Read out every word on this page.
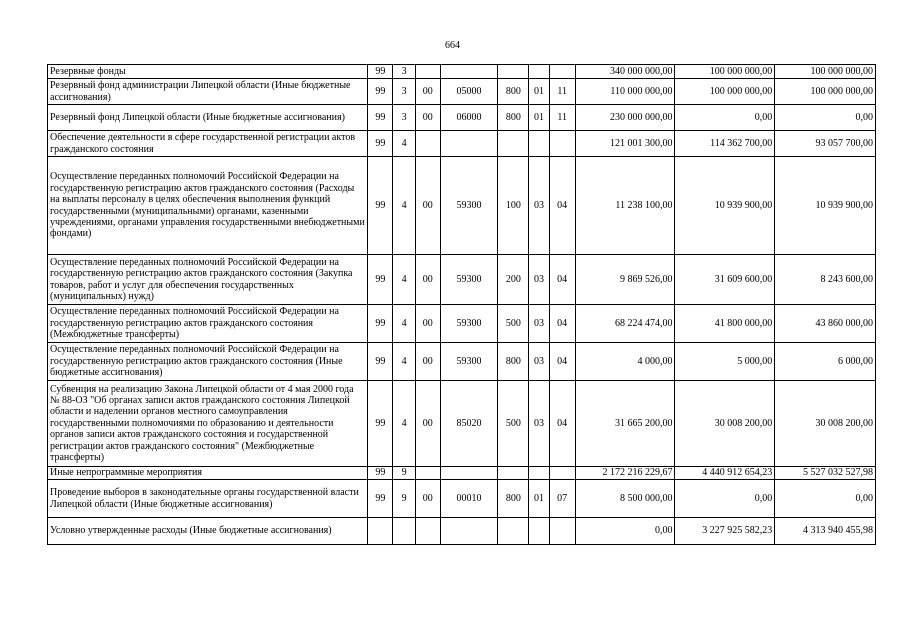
664
Резервные фонды	99	3						340 000 000,00	100 000 000,00	100 000 000,00
Резервный фонд администрации Липецкой области (Иные бюджетные ассигнования)	99	3	00	05000	800	01	11	110 000 000,00	100 000 000,00	100 000 000,00
Резервный фонд Липецкой области (Иные бюджетные ассигнования)	99	3	00	06000	800	01	11	230 000 000,00	0,00	0,00
Обеспечение деятельности в сфере государственной регистрации актов гражданского состояния	99	4						121 001 300,00	114 362 700,00	93 057 700,00
Осуществление переданных полномочий Российской Федерации на государственную регистрацию актов гражданского состояния (Расходы на выплаты персоналу в целях обеспечения выполнения функций государственными (муниципальными) органами, казенными учреждениями, органами управления государственными внебюджетными фондами)	99	4	00	59300	100	03	04	11 238 100,00	10 939 900,00	10 939 900,00
Осуществление переданных полномочий Российской Федерации на государственную регистрацию актов гражданского состояния (Закупка товаров, работ и услуг для обеспечения государственных (муниципальных) нужд)	99	4	00	59300	200	03	04	9 869 526,00	31 609 600,00	8 243 600,00
Осуществление переданных полномочий Российской Федерации на государственную регистрацию актов гражданского состояния (Межбюджетные трансферты)	99	4	00	59300	500	03	04	68 224 474,00	41 800 000,00	43 860 000,00
Осуществление переданных полномочий Российской Федерации на государственную регистрацию актов гражданского состояния (Иные бюджетные ассигнования)	99	4	00	59300	800	03	04	4 000,00	5 000,00	6 000,00
Субвенция на реализацию Закона Липецкой области от 4 мая 2000 года № 88-ОЗ "Об органах записи актов гражданского состояния Липецкой области и наделении органов местного самоуправления государственными полномочиями по образованию и деятельности органов записи актов гражданского состояния и государственной регистрации актов гражданского состояния" (Межбюджетные трансферты)	99	4	00	85020	500	03	04	31 665 200,00	30 008 200,00	30 008 200,00
Иные непрограммные мероприятия	99	9						2 172 216 229,67	4 440 912 654,23	5 527 032 527,98
Проведение выборов в законодательные органы государственной власти Липецкой области (Иные бюджетные ассигнования)	99	9	00	00010	800	01	07	8 500 000,00	0,00	0,00
Условно утвержденные расходы (Иные бюджетные ассигнования)								0,00	3 227 925 582,23	4 313 940 455,98
